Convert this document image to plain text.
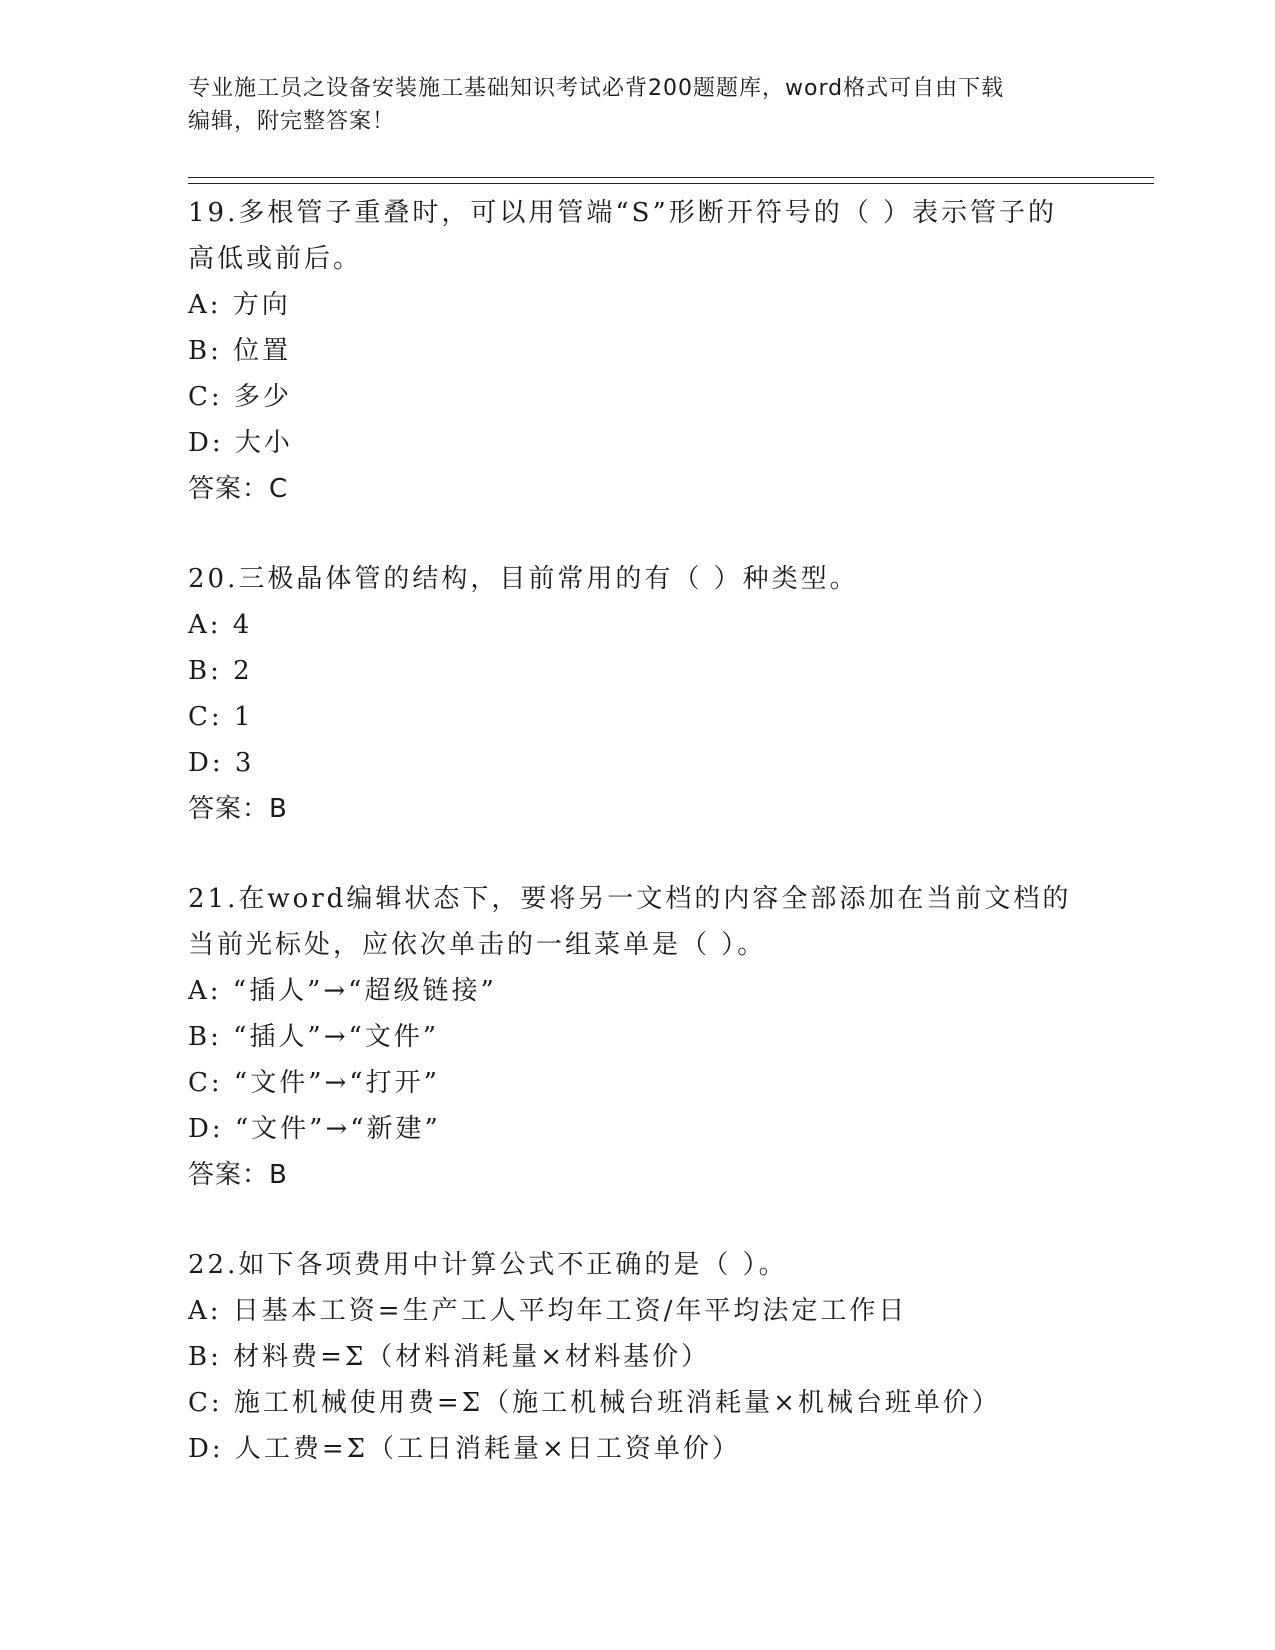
专业施工员之设备安装施工基础知识考试必背200题题库，word格式可自由下载
编辑，附完整答案！
19.多根管子重叠时，可以用管端“S”形断开符号的（ ）表示管子的
高低或前后。
A: 方向
B: 位置
C: 多少
D: 大小
答案：C
20.三极晶体管的结构，目前常用的有（ ）种类型。
A: 4
B: 2
C: 1
D: 3
答案：B
21.在word编辑状态下，要将另一文档的内容全部添加在当前文档的
当前光标处，应依次单击的一组菜单是（ ）。
A: “插人”→“超级链接”
B: “插人”→“文件”
C: “文件”→“打开”
D: “文件”→“新建”
答案：B
22.如下各项费用中计算公式不正确的是（ ）。
A: 日基本工资=生产工人平均年工资/年平均法定工作日
B: 材料费=Σ（材料消耗量×材料基价）
C: 施工机械使用费=Σ（施工机械台班消耗量×机械台班单价）
D: 人工费=Σ（工日消耗量×日工资单价）
